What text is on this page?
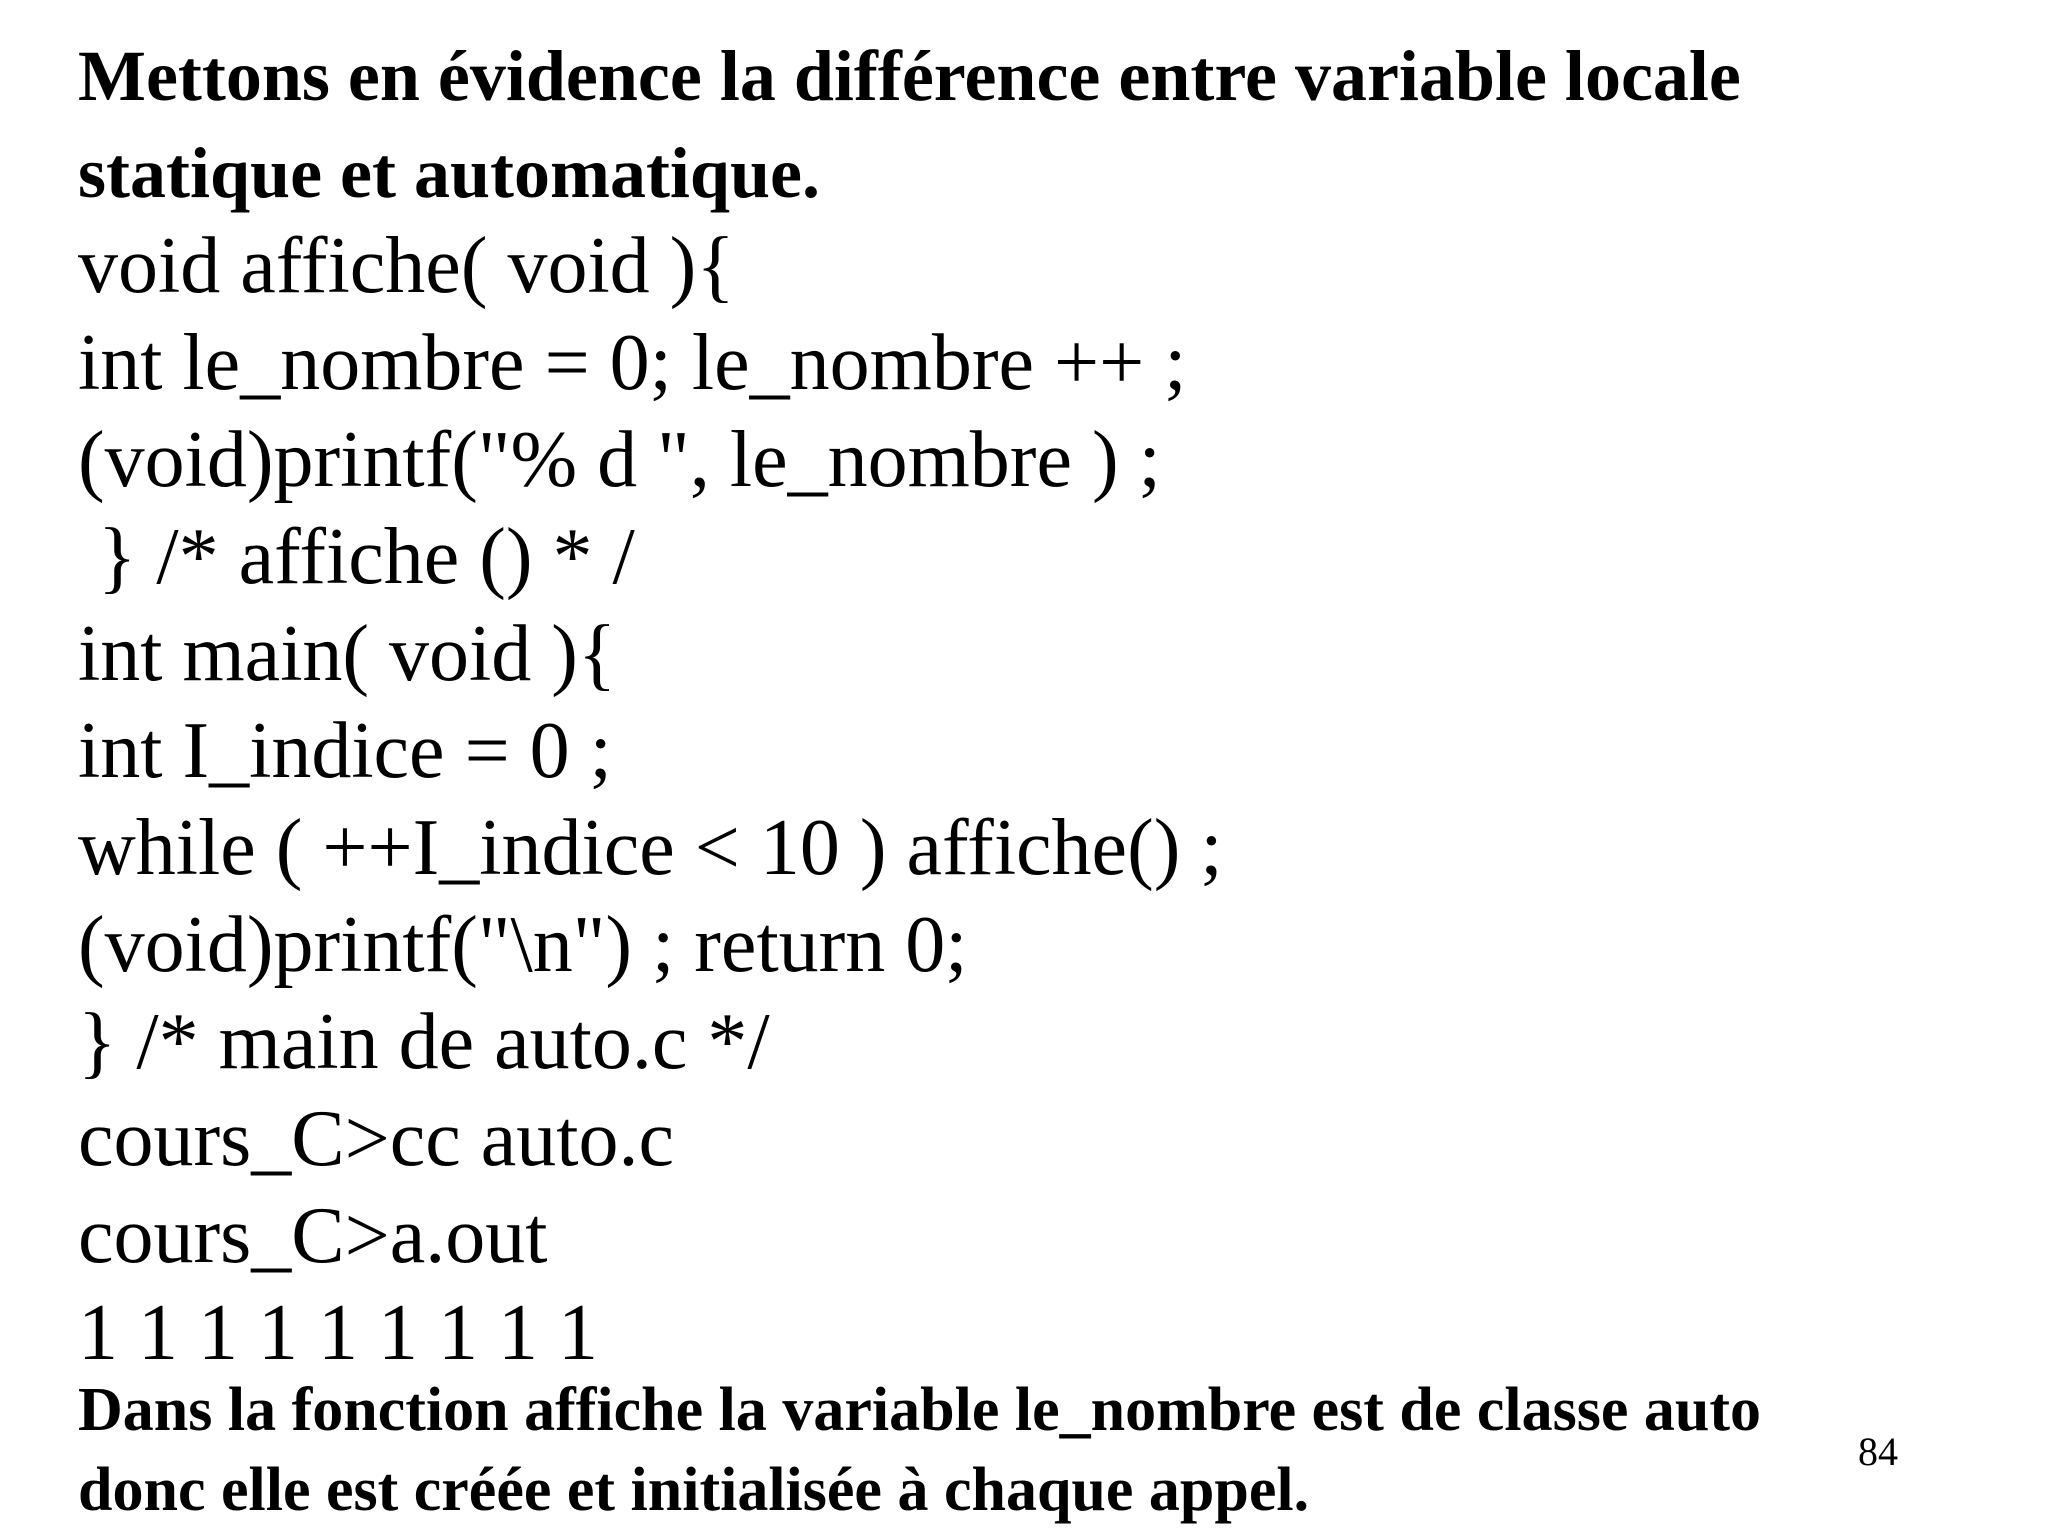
Mettons en évidence la différence entre variable locale
statique et automatique.
void affiche( void ){
int le_nombre = 0; le_nombre ++ ;
(void)printf("% d ", le_nombre ) ;
} /* affiche () * /
int main( void ){
int I_indice = 0 ;
while ( ++I_indice < 10 ) affiche() ;
(void)printf("\n") ; return 0;
} /* main de auto.c */
cours_C>cc auto.c
cours_C>a.out
1 1 1 1 1 1 1 1 1
Dans la fonction affiche la variable le_nombre est de classe auto
donc elle est créée et initialisée à chaque appel.
84
